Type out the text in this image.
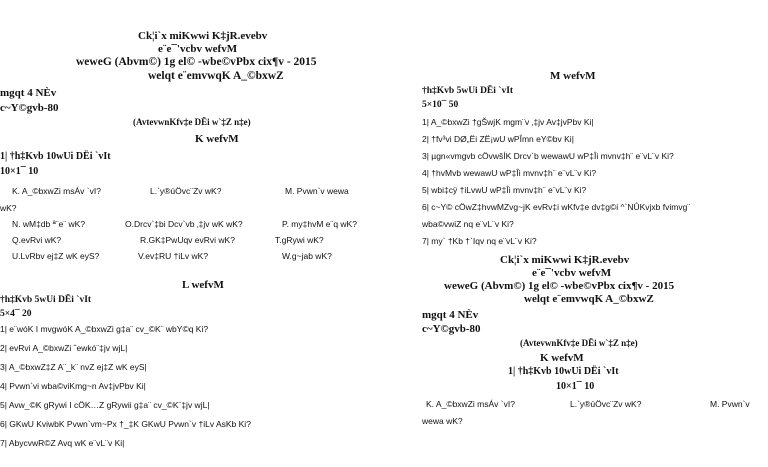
Ck¦i`x miKwwi K‡jR.evebv
e¨e¯'vcbv wefvM
weweG (Abvm©) 1g el© -wbe©vPbx cix¶v - 2015
welqt e¨emvwqK A_©bxwZ
mgqt 4 NÈv
c~Y©gvb-80
(AvtevwnKfv‡e DËi w`‡Z n‡e)
K wefvM
1| †h‡Kvb 10wUi DËi `vIt
10×1¯ 10
K. A_©bxwZi msÁv `vI?	L.`y®úÖvc¨Zv wK?	M. Pvwn`v wewa
wK?
N. wM‡db ª¨e¨ wK?	O.Drcv`‡bi Dcv`vb ‚‡jv wK wK?	P. my‡hvM e¨q wK?
Q.evRvi wK?	R.GK‡PwUqv evRvi wK?	T.gRywi wK?
U.LvRbv ej‡Z wK eyS?	V.ev‡RU †iLv wK?	W.g~jab wK?
L wefvM
†h‡Kvb 5wUi DËi `vIt
5×4¯ 20
1| e¨wóK I mvgwóK A_©bxwZi g‡a¨ cv_©K¨ wbY©q Ki?
2| evRvi A_©bxwZi ˆewkó¨‡jv wjL|
3| A_©bxwZ‡Z A¨_k¨ nvZ ej‡Z wK eyS|
4| Pvwn`vi wba©viKmg~n Av‡jvPbv Ki|
5| Avw_©K gRywi I cÖK…Z gRywii g‡a¨ cv_©K¨‡jv wjL|
6| GKwU KviwbK Pvwn`vm~Px †_‡K GKwU Pvwn`v †iLv AsKb Ki?
7| AbycvwR©Z Avq wK e¨vL¨v Ki|
M wefvM
†h‡Kvb 5wUi DËi `vIt
5×10¯ 50
1| A_©bxwZi †gŠwjK mgm¨v ‚‡jv Av‡jvPbv Ki|
2| †fv³vi DØ„Ëi ZË¡wU wPÎmn eY©bv Ki|
3| µgn«vmgvb cÖvwšÍK Drcv`b wewawU wP‡Îi mvnv‡h¨ e¨vL¨v Ki?
4| †hvMvb wewawU wP‡Îi mvnv‡h¨ e¨vL¨v Ki?
5| wbi‡cÿ †iLvwU wP‡Îi mvnv‡h¨ e¨vL¨v Ki?
6| c~Y© cÖwZ‡hvwMZvg~jK evRv‡i wKfv‡e dv‡g©i ^`NÛKvjxb fvimvg¨
wba©vwiZ nq e¨vL¨v Ki?
7| my` †Kb †`Iqv nq e¨vL¨v Ki?
Ck¦i`x miKwwi K‡jR.evebv
e¨e¯'vcbv wefvM
weweG (Abvm©) 1g el© -wbe©vPbx cix¶v - 2015
welqt e¨emvwqK A_©bxwZ
mgqt 4 NÈv
c~Y©gvb-80
(AvtevwnKfv‡e DËi w`‡Z n‡e)
K wefvM
1| †h‡Kvb 10wUi DËi `vIt
10×1¯ 10
K. A_©bxwZi msÁv `vI?	L.`y®úÖvc¨Zv wK?	M. Pvwn`v
wewa wK?
